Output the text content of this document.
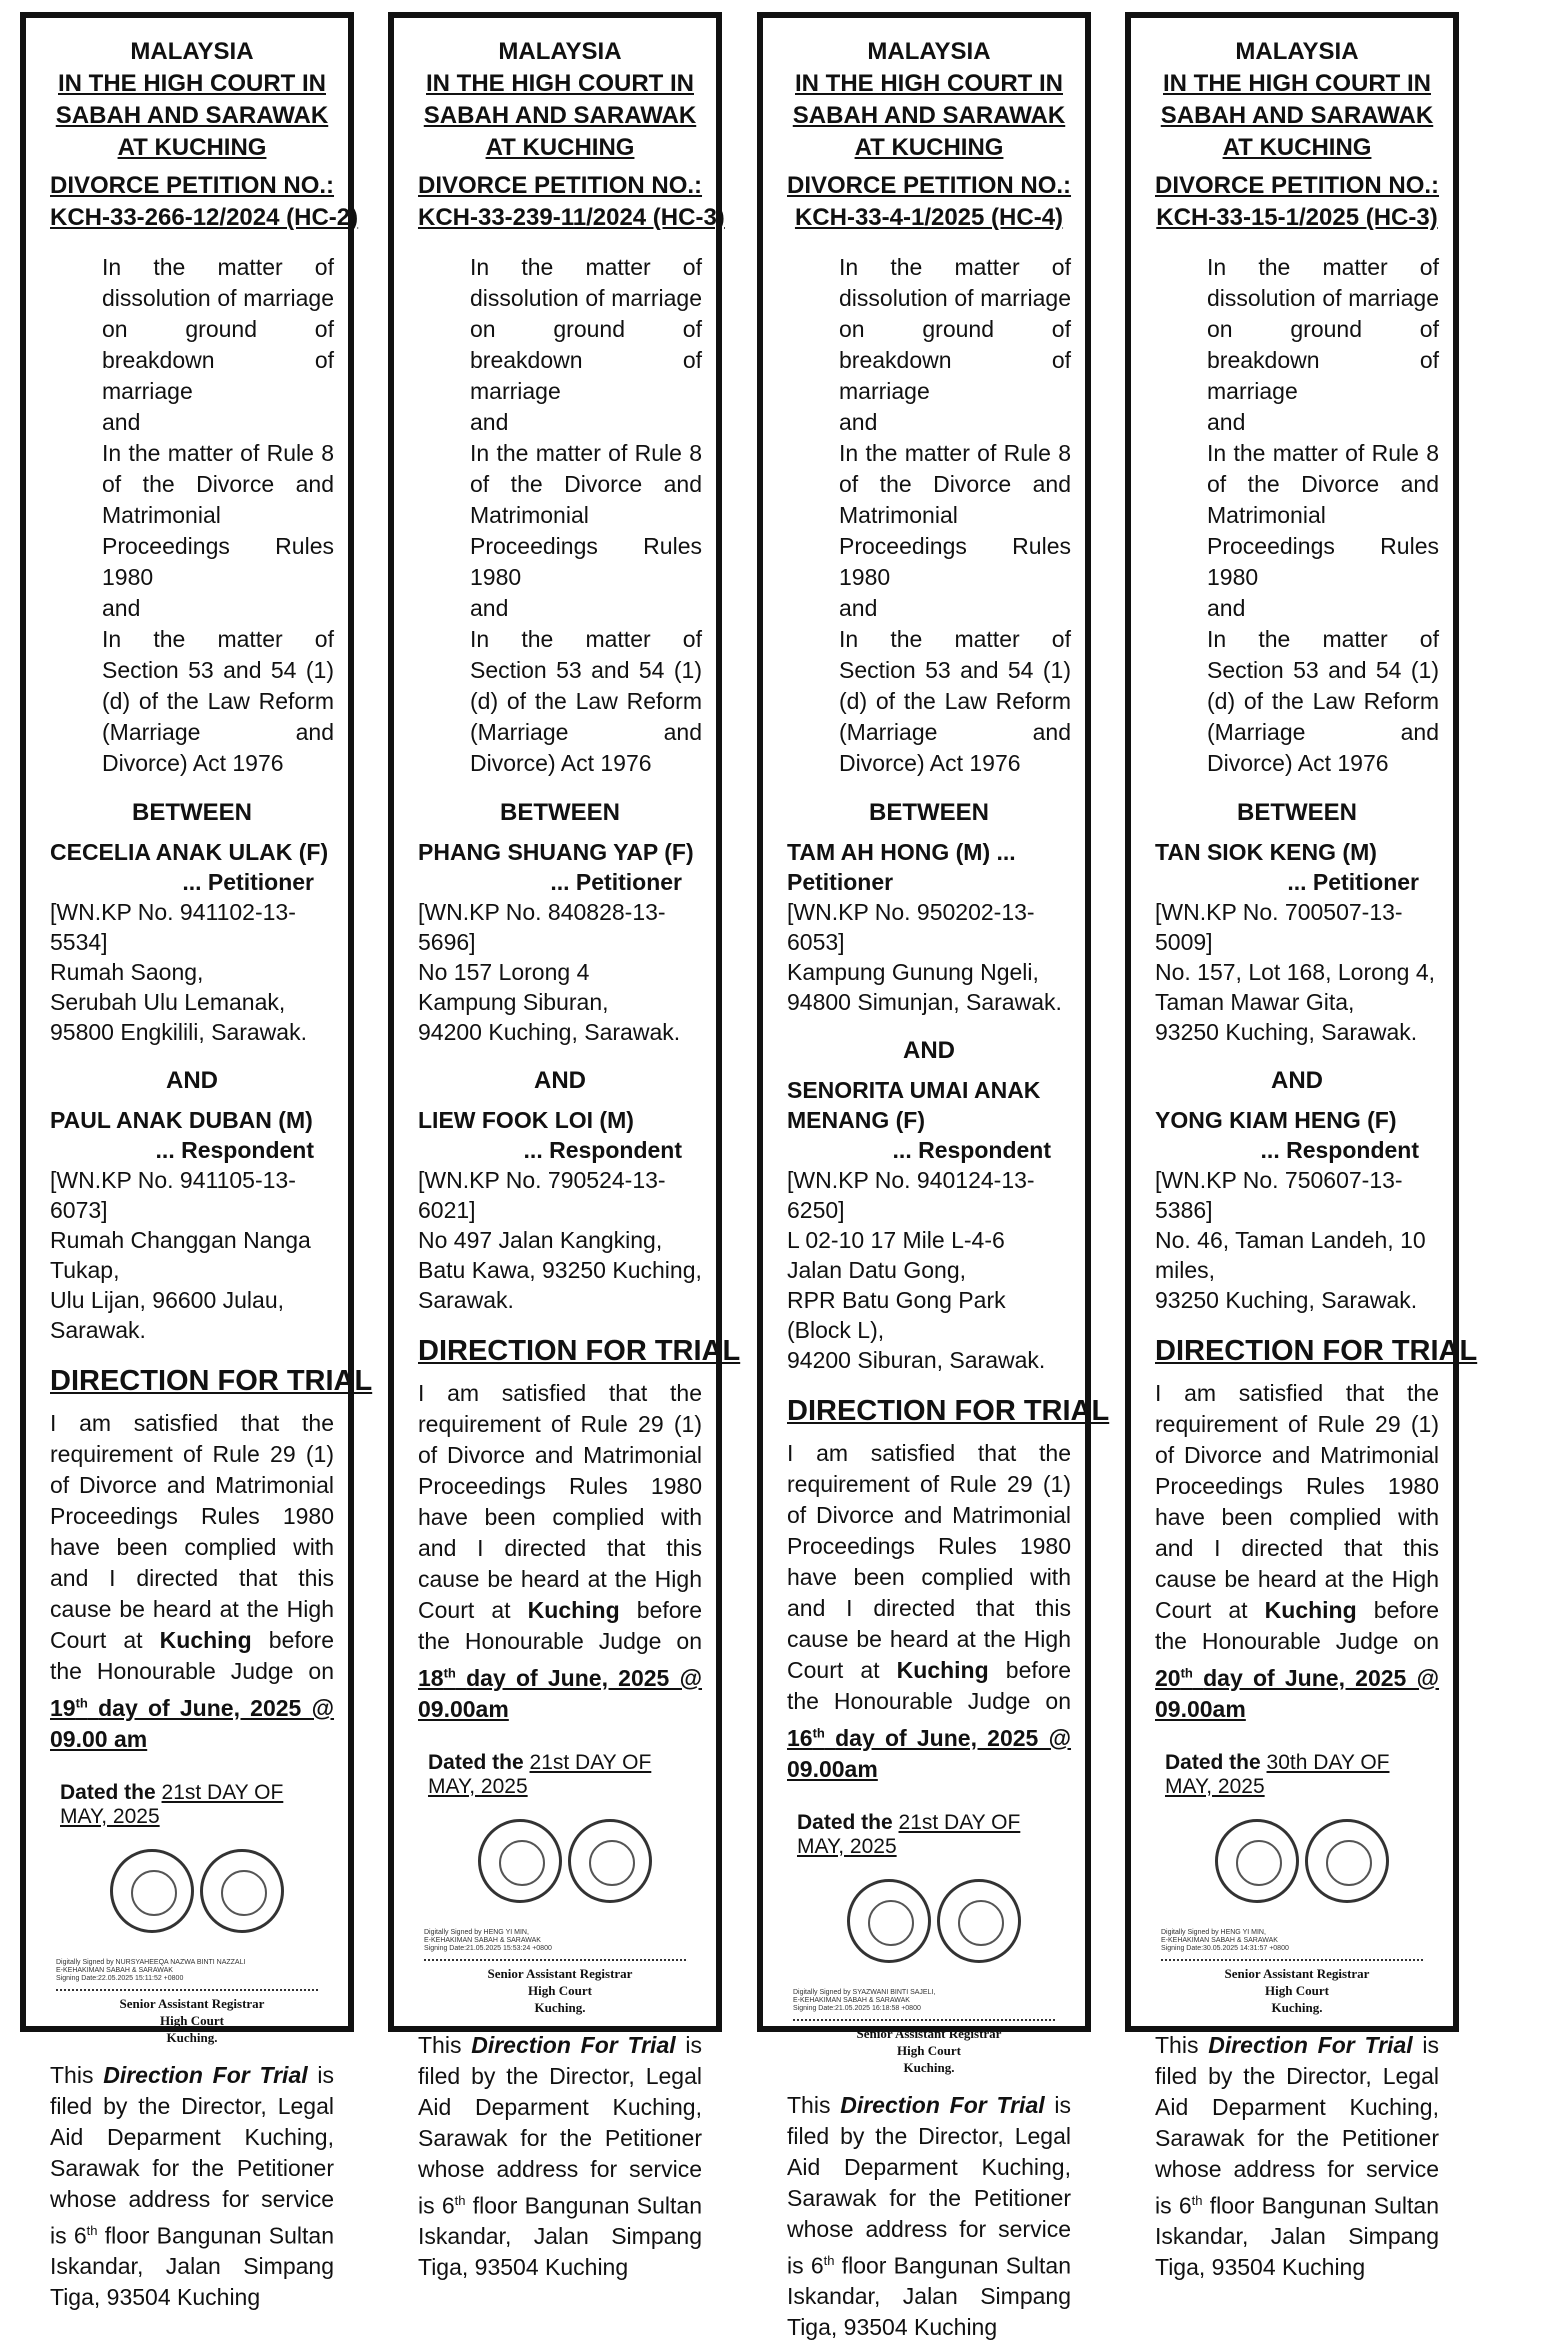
MALAYSIA
IN THE HIGH COURT IN
SABAH AND SARAWAK
AT KUCHING
DIVORCE PETITION NO.:
KCH-33-266-12/2024 (HC-2)
In the matter of dissolution of marriage on ground of breakdown of marriage
and
In the matter of Rule 8 of the Divorce and Matrimonial Proceedings Rules 1980
and
In the matter of Section 53 and 54 (1) (d) of the Law Reform (Marriage and Divorce) Act 1976
BETWEEN
CECELIA ANAK ULAK (F)
... Petitioner
[WN.KP No. 941102-13-5534]
Rumah Saong,
Serubah Ulu Lemanak,
95800 Engkilili, Sarawak.
AND
PAUL ANAK DUBAN (M)
... Respondent
[WN.KP No. 941105-13-6073]
Rumah Changgan Nanga Tukap,
Ulu Lijan, 96600 Julau,
Sarawak.
DIRECTION FOR TRIAL
I am satisfied that the requirement of Rule 29 (1) of Divorce and Matrimonial Proceedings Rules 1980 have been complied with and I directed that this cause be heard at the High Court at Kuching before the Honourable Judge on 19th day of June, 2025 @ 09.00 am
Dated the 21st DAY OF MAY, 2025
Digitally Signed by NURSYAHEEQA NAZWA BINTI NAZZALI
E-KEHAKIMAN SABAH & SARAWAK
Signing Date:22.05.2025 15:11:52 +0800
Senior Assistant Registrar
High Court
Kuching.
This Direction For Trial is filed by the Director, Legal Aid Deparment Kuching, Sarawak for the Petitioner whose address for service is 6th floor Bangunan Sultan Iskandar, Jalan Simpang Tiga, 93504 Kuching
MALAYSIA
IN THE HIGH COURT IN
SABAH AND SARAWAK
AT KUCHING
DIVORCE PETITION NO.:
KCH-33-239-11/2024 (HC-3)
In the matter of dissolution of marriage on ground of breakdown of marriage
and
In the matter of Rule 8 of the Divorce and Matrimonial Proceedings Rules 1980
and
In the matter of Section 53 and 54 (1) (d) of the Law Reform (Marriage and Divorce) Act 1976
BETWEEN
PHANG SHUANG YAP (F)
... Petitioner
[WN.KP No. 840828-13-5696]
No 157 Lorong 4
Kampung Siburan,
94200 Kuching, Sarawak.
AND
LIEW FOOK LOI (M)
... Respondent
[WN.KP No. 790524-13-6021]
No 497 Jalan Kangking,
Batu Kawa, 93250 Kuching,
Sarawak.
DIRECTION FOR TRIAL
I am satisfied that the requirement of Rule 29 (1) of Divorce and Matrimonial Proceedings Rules 1980 have been complied with and I directed that this cause be heard at the High Court at Kuching before the Honourable Judge on 18th day of June, 2025 @ 09.00am
Dated the 21st DAY OF MAY, 2025
Digitally Signed by HENG YI MIN,
E-KEHAKIMAN SABAH & SARAWAK
Signing Date:21.05.2025 15:53:24 +0800
Senior Assistant Registrar
High Court
Kuching.
This Direction For Trial is filed by the Director, Legal Aid Deparment Kuching, Sarawak for the Petitioner whose address for service is 6th floor Bangunan Sultan Iskandar, Jalan Simpang Tiga, 93504 Kuching
MALAYSIA
IN THE HIGH COURT IN
SABAH AND SARAWAK
AT KUCHING
DIVORCE PETITION NO.:
KCH-33-4-1/2025 (HC-4)
In the matter of dissolution of marriage on ground of breakdown of marriage
and
In the matter of Rule 8 of the Divorce and Matrimonial Proceedings Rules 1980
and
In the matter of Section 53 and 54 (1) (d) of the Law Reform (Marriage and Divorce) Act 1976
BETWEEN
TAM AH HONG (M) ... Petitioner
[WN.KP No. 950202-13-6053]
Kampung Gunung Ngeli,
94800 Simunjan, Sarawak.
AND
SENORITA UMAI ANAK MENANG (F)
... Respondent
[WN.KP No. 940124-13-6250]
L 02-10 17 Mile L-4-6
Jalan Datu Gong,
RPR Batu Gong Park (Block L),
94200 Siburan, Sarawak.
DIRECTION FOR TRIAL
I am satisfied that the requirement of Rule 29 (1) of Divorce and Matrimonial Proceedings Rules 1980 have been complied with and I directed that this cause be heard at the High Court at Kuching before the Honourable Judge on 16th day of June, 2025 @ 09.00am
Dated the 21st DAY OF MAY, 2025
Digitally Signed by SYAZWANI BINTI SAJELI,
E-KEHAKIMAN SABAH & SARAWAK
Signing Date:21.05.2025 16:18:58 +0800
Senior Assistant Registrar
High Court
Kuching.
This Direction For Trial is filed by the Director, Legal Aid Deparment Kuching, Sarawak for the Petitioner whose address for service is 6th floor Bangunan Sultan Iskandar, Jalan Simpang Tiga, 93504 Kuching
MALAYSIA
IN THE HIGH COURT IN
SABAH AND SARAWAK
AT KUCHING
DIVORCE PETITION NO.:
KCH-33-15-1/2025 (HC-3)
In the matter of dissolution of marriage on ground of breakdown of marriage
and
In the matter of Rule 8 of the Divorce and Matrimonial Proceedings Rules 1980
and
In the matter of Section 53 and 54 (1) (d) of the Law Reform (Marriage and Divorce) Act 1976
BETWEEN
TAN SIOK KENG (M)
... Petitioner
[WN.KP No. 700507-13-5009]
No. 157, Lot 168, Lorong 4,
Taman Mawar Gita,
93250 Kuching, Sarawak.
AND
YONG KIAM HENG (F)
... Respondent
[WN.KP No. 750607-13-5386]
No. 46, Taman Landeh, 10 miles,
93250 Kuching, Sarawak.
DIRECTION FOR TRIAL
I am satisfied that the requirement of Rule 29 (1) of Divorce and Matrimonial Proceedings Rules 1980 have been complied with and I directed that this cause be heard at the High Court at Kuching before the Honourable Judge on 20th day of June, 2025 @ 09.00am
Dated the 30th DAY OF MAY, 2025
Digitally Signed by HENG YI MIN,
E-KEHAKIMAN SABAH & SARAWAK
Signing Date:30.05.2025 14:31:57 +0800
Senior Assistant Registrar
High Court
Kuching.
This Direction For Trial is filed by the Director, Legal Aid Deparment Kuching, Sarawak for the Petitioner whose address for service is 6th floor Bangunan Sultan Iskandar, Jalan Simpang Tiga, 93504 Kuching
